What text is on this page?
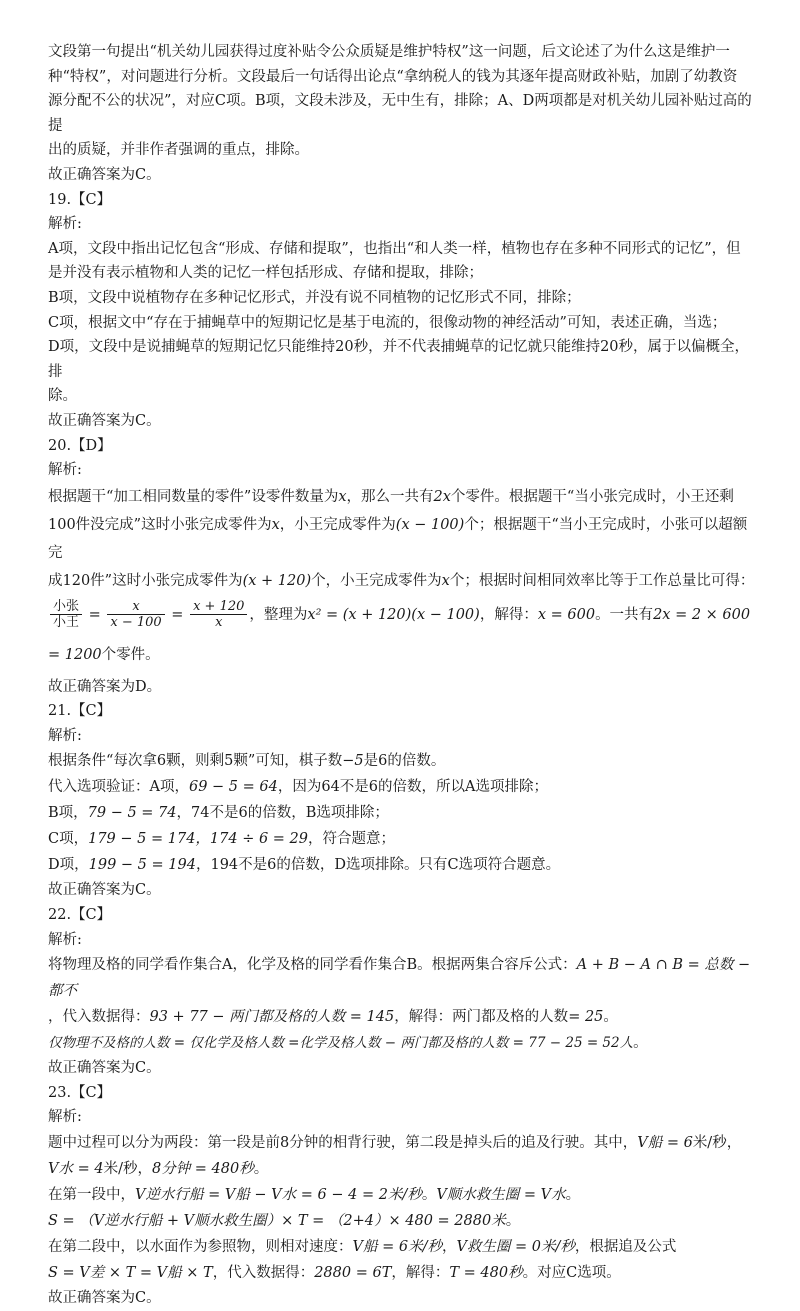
文段第一句提出“机关幼儿园获得过度补贴令公众质疑是维护特权”这一问题，后文论述了为什么这是维护一

种“特权”，对问题进行分析。文段最后一句话得出论点“拿纳税人的钱为其逐年提高财政补贴，加剧了幼教资

源分配不公的状况”，对应C项。B项，文段未涉及，无中生有，排除；A、D两项都是对机关幼儿园补贴过高的提

出的质疑，并非作者强调的重点，排除。

故正确答案为C。

19.【C】

解析:

A项，文段中指出记忆包含“形成、存储和提取”，也指出“和人类一样，植物也存在多种不同形式的记忆”，但

是并没有表示植物和人类的记忆一样包括形成、存储和提取，排除；

B项，文段中说植物存在多种记忆形式，并没有说不同植物的记忆形式不同，排除；

C项，根据文中“存在于捕蝇草中的短期记忆是基于电流的，很像动物的神经活动”可知，表述正确，当选；

D项，文段中是说捕蝇草的短期记忆只能维持20秒，并不代表捕蝇草的记忆就只能维持20秒，属于以偏概全，排

除。

故正确答案为C。

20.【D】

解析:

根据题干“加工相同数量的零件”设零件数量为x，那么一共有2x个零件。根据题干“当小张完成时，小王还剩

100件没完成”这时小张完成零件为x，小王完成零件为(x − 100)个；根据题干“当小王完成时，小张可以超额完

成120件”这时小张完成零件为(x + 120)个，小王完成零件为x个；根据时间相同效率比等于工作总量比可得：

$\frac{\text{小张}}{\text{小王}} = \frac{x}{x - 100} = \frac{x + 120}{x}$ ，整理为x² = (x + 120)(x − 100)，解得：x = 600。一共有2x = 2 × 600 = 1200个零件。

故正确答案为D。

21.【C】

解析:

根据条件“每次拿6颗，则剩5颗”可知，棋子数−5是6的倍数。

代入选项验证：A项，69 − 5 = 64，因为64不是6的倍数，所以A选项排除；

B项，79 − 5 = 74，74不是6的倍数，B选项排除；

C项，179 − 5 = 174，174 ÷ 6 = 29，符合题意；

D项，199 − 5 = 194，194不是6的倍数，D选项排除。只有C选项符合题意。

故正确答案为C。

22.【C】

解析:

将物理及格的同学看作集合A，化学及格的同学看作集合B。根据两集合容斥公式：A + B − A ∩ B = 总数 − 都不

，代入数据得：93 + 77 − 两门都及格的人数 = 145，解得：两门都及格的人数= 25。

仅物理不及格的人数 = 仅化学及格人数 =化学及格人数 − 两门都及格的人数 = 77 − 25 = 52人。

故正确答案为C。

23.【C】

解析:

题中过程可以分为两段：第一段是前8分钟的相背行驶，第二段是掉头后的追及行驶。其中，V船 = 6米/秒，

V水 = 4米/秒，8分钟 = 480秒。

在第一段中，V逆水行船 = V船 − V水 = 6 − 4 = 2米/秒。V顺水救生圈 = V水。

S = （V逆水行船 + V顺水救生圈）× T = （2+4）× 480 = 2880米。

在第二段中，以水面作为参照物，则相对速度：V船 = 6米/秒，V救生圈 = 0米/秒，根据追及公式

S = V差 × T = V船 × T，代入数据得：2880 = 6T，解得：T = 480秒。对应C选项。

故正确答案为C。
